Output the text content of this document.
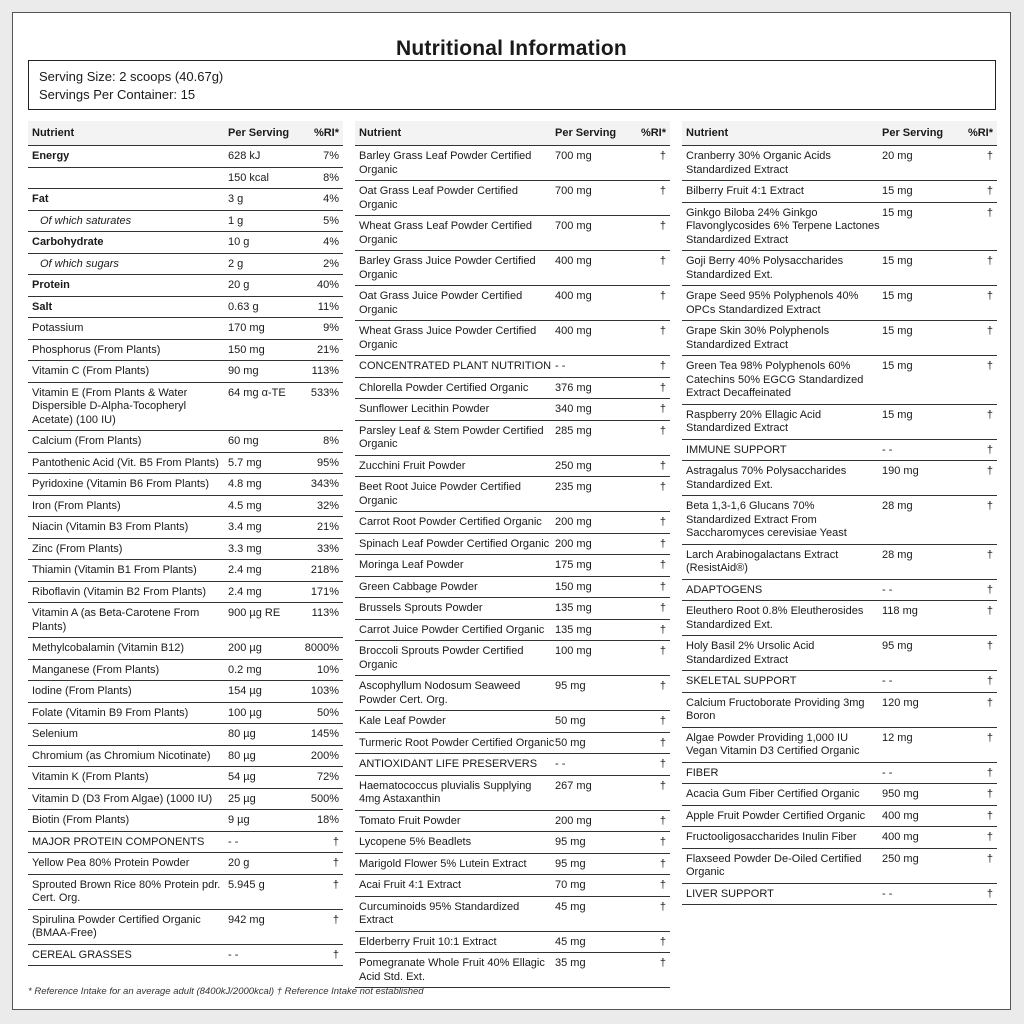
Nutritional Information
Serving Size: 2 scoops (40.67g)
Servings Per Container: 15
Nutrient	Per Serving	%RI*
Energy	628 kJ	7%
150 kcal	8%
Fat	3 g	4%
Of which saturates	1 g	5%
Carbohydrate	10 g	4%
Of which sugars	2 g	2%
Protein	20 g	40%
Salt	0.63 g	11%
Potassium	170 mg	9%
Phosphorus (From Plants)	150 mg	21%
Vitamin C (From Plants)	90 mg	113%
Vitamin E (From Plants & Water Dispersible D-Alpha-Tocopheryl Acetate) (100 IU)
64 mg α-TE	533%
Calcium (From Plants)	60 mg	8%
Pantothenic Acid (Vit. B5 From Plants) 5.7 mg	95%
Pyridoxine (Vitamin B6 From Plants)	4.8 mg	343%
Iron (From Plants)	4.5 mg	32%
Niacin (Vitamin B3 From Plants)	3.4 mg	21%
Zinc (From Plants)	3.3 mg	33%
Thiamin (Vitamin B1 From Plants)	2.4 mg	218%
Riboflavin (Vitamin B2 From Plants)	2.4 mg	171%
Vitamin A (as Beta-Carotene From Plants)
900 µg RE	113%
Methylcobalamin (Vitamin B12)	200 µg	8000%
Manganese (From Plants)	0.2 mg	10%
Iodine (From Plants)	154 µg	103%
Folate (Vitamin B9 From Plants)	100 µg	50%
Selenium	80 µg	145%
Chromium (as Chromium Nicotinate)	80 µg	200%
Vitamin K (From Plants)	54 µg	72%
Vitamin D (D3 From Algae) (1000 IU)	25 µg	500%
Biotin (From Plants)	9 µg	18%
MAJOR PROTEIN COMPONENTS	- -	†
Yellow Pea 80% Protein Powder	20 g	†
Sprouted Brown Rice 80% Protein pdr. Cert. Org.
5.945 g	†
Spirulina Powder Certified Organic (BMAA-Free)
942 mg	†
CEREAL GRASSES	- -	†
Nutrient	Per Serving	%RI*
Barley Grass Leaf Powder Certified Organic
700 mg	†
Oat Grass Leaf Powder Certified Organic
700 mg	†
Wheat Grass Leaf Powder Certified Organic
700 mg	†
Barley Grass Juice Powder Certified Organic
400 mg	†
Oat Grass Juice Powder Certified Organic
400 mg	†
Wheat Grass Juice Powder Certified Organic
400 mg	†
CONCENTRATED PLANT NUTRITION - -	†
Chlorella Powder Certified Organic	376 mg	†
Sunflower Lecithin Powder	340 mg	†
Parsley Leaf & Stem Powder Certified Organic
285 mg	†
Zucchini Fruit Powder	250 mg	†
Beet Root Juice Powder Certified Organic
235 mg	†
Carrot Root Powder Certified Organic	200 mg	†
Spinach Leaf Powder Certified Organic 200 mg	†
Moringa Leaf Powder	175 mg	†
Green Cabbage Powder	150 mg	†
Brussels Sprouts Powder	135 mg	†
Carrot Juice Powder Certified Organic 135 mg	†
Broccoli Sprouts Powder Certified Organic
100 mg	†
Ascophyllum Nodosum Seaweed Powder Cert. Org.
95 mg	†
Kale Leaf Powder	50 mg	†
Turmeric Root Powder Certified Organic 50 mg	†
ANTIOXIDANT LIFE PRESERVERS	- -	†
Haematococcus pluvialis Supplying 4mg Astaxanthin
267 mg	†
Tomato Fruit Powder	200 mg	†
Lycopene 5% Beadlets	95 mg	†
Marigold Flower 5% Lutein Extract	95 mg	†
Acai Fruit 4:1 Extract	70 mg	†
Curcuminoids 95% Standardized Extract
45 mg	†
Elderberry Fruit 10:1 Extract	45 mg	†
Pomegranate Whole Fruit 40% Ellagic Acid Std. Ext.
35 mg	†
Nutrient	Per Serving	%RI*
Cranberry 30% Organic Acids Standardized Extract
20 mg	†
Bilberry Fruit 4:1 Extract	15 mg	†
Ginkgo Biloba 24% Ginkgo Flavonglycosides 6% Terpene Lactones Standardized Extract
15 mg	†
Goji Berry 40% Polysaccharides Standardized Ext.
15 mg	†
Grape Seed 95% Polyphenols 40% OPCs Standardized Extract
15 mg	†
Grape Skin 30% Polyphenols Standardized Extract
15 mg	†
Green Tea 98% Polyphenols 60% Catechins 50% EGCG Standardized Extract Decaffeinated
15 mg	†
Raspberry 20% Ellagic Acid Standardized Extract
15 mg	†
IMMUNE SUPPORT	- -	†
Astragalus 70% Polysaccharides Standardized Ext.
190 mg	†
Beta 1,3-1,6 Glucans 70% Standardized Extract From Saccharomyces cerevisiae Yeast
28 mg	†
Larch Arabinogalactans Extract (ResistAid®)
28 mg	†
ADAPTOGENS	- -	†
Eleuthero Root 0.8% Eleutherosides Standardized Ext.
118 mg	†
Holy Basil 2% Ursolic Acid Standardized Extract
95 mg	†
SKELETAL SUPPORT	- -	†
Calcium Fructoborate Providing 3mg Boron
120 mg	†
Algae Powder Providing 1,000 IU Vegan Vitamin D3 Certified Organic
12 mg	†
FIBER	- -	†
Acacia Gum Fiber Certified Organic	950 mg	†
Apple Fruit Powder Certified Organic	400 mg	†
Fructooligosaccharides Inulin Fiber	400 mg	†
Flaxseed Powder De-Oiled Certified Organic
250 mg	†
LIVER SUPPORT	- -	†
* Reference Intake for an average adult (8400kJ/2000kcal) † Reference Intake not established
